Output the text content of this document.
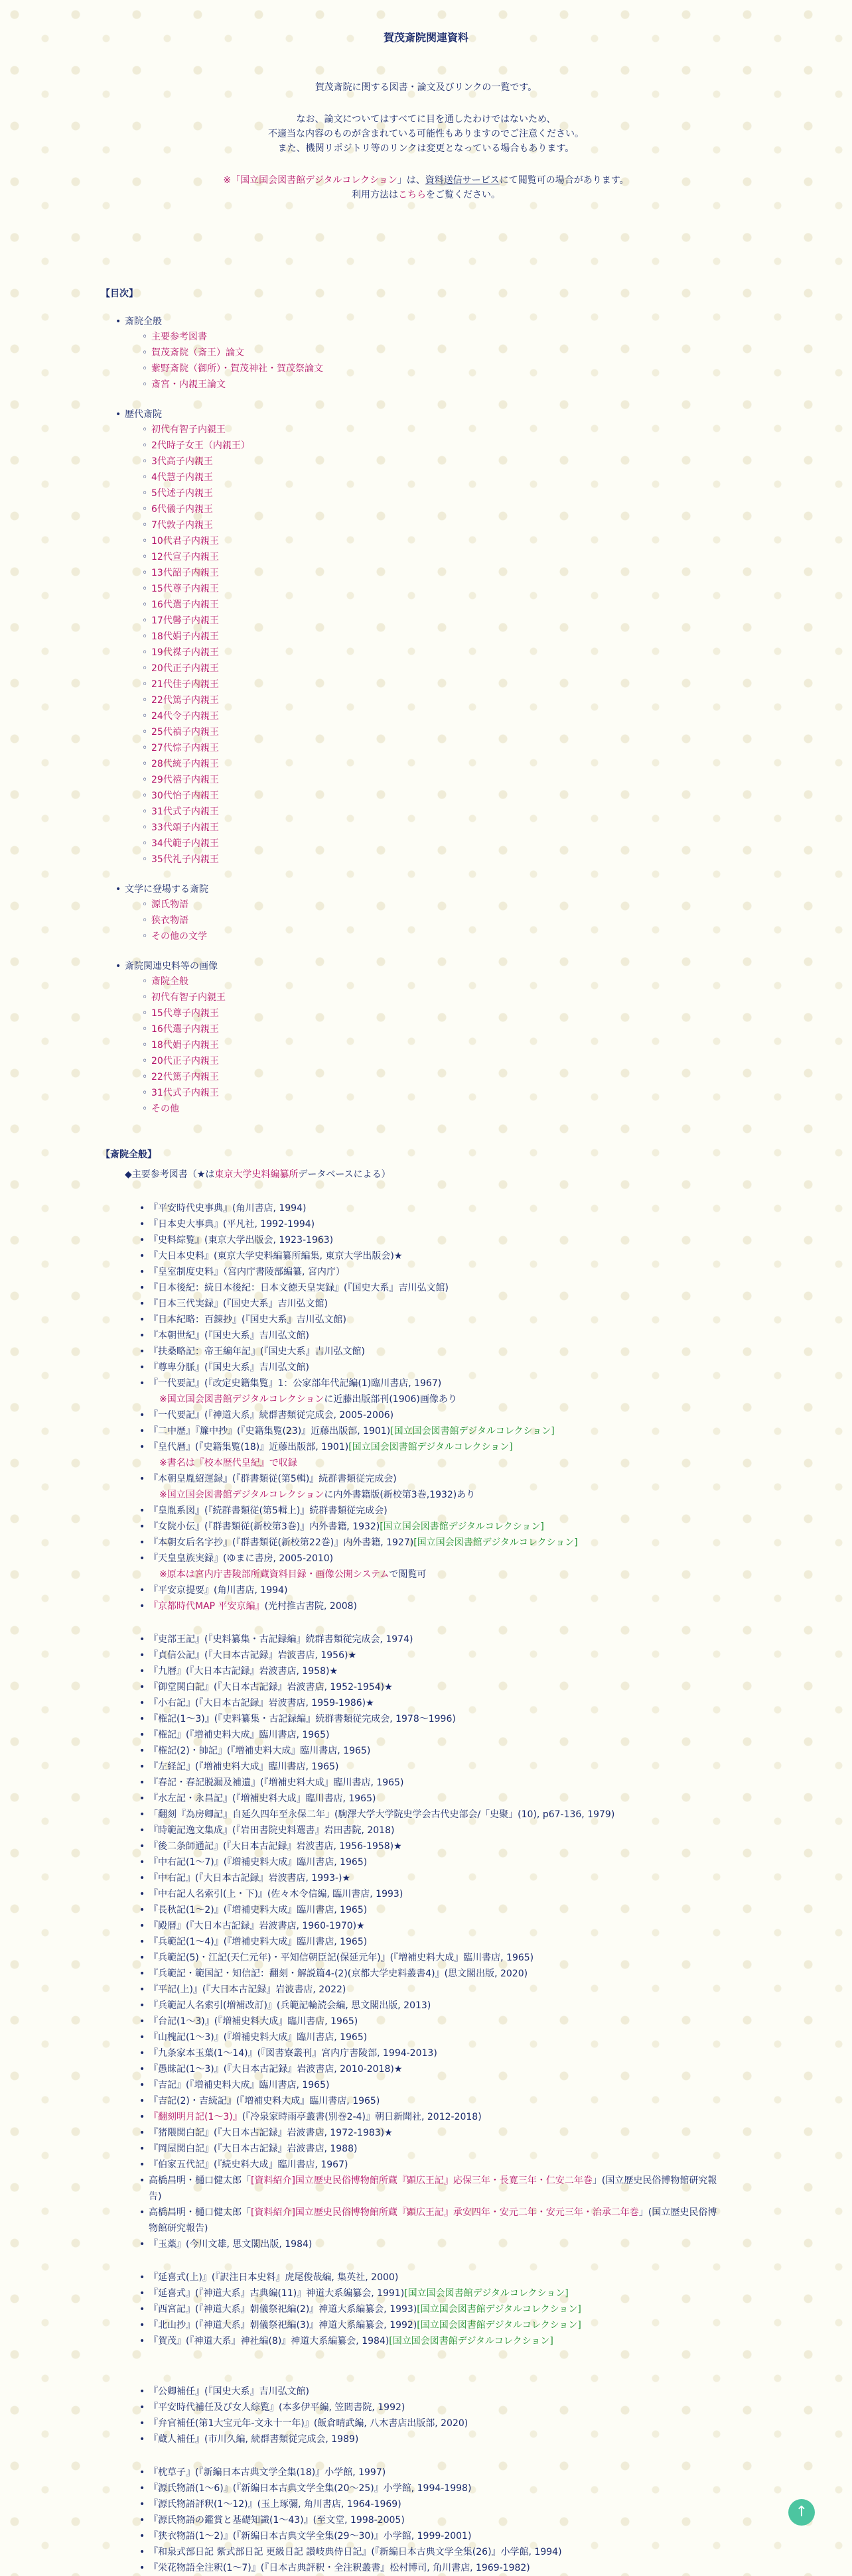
賀茂斎院関連資料

賀茂斎院に関する図書・論文及びリンクの一覧です。

なお、論文についてはすべてに目を通したわけではないため、

不適当な内容のものが含まれている可能性もありますのでご注意ください。

また、機関リポジトリ等のリンクは変更となっている場合もあります。

※「国立国会図書館デジタルコレクション」は、資料送信サービスにて閲覧可の場合があります。

利用方法はこちらをご覧ください。

【目次】
• 斎院全般
◦ 主要参考図書
◦ 賀茂斎院（斎王）論文
◦ 紫野斎院（御所）・賀茂神社・賀茂祭論文
◦ 斎宮・内親王論文
• 歴代斎院
◦ 初代有智子内親王
◦ 2代時子女王（内親王）
◦ 3代高子内親王
◦ 4代慧子内親王
◦ 5代述子内親王
◦ 6代儀子内親王
◦ 7代敦子内親王
◦ 10代君子内親王
◦ 12代宣子内親王
◦ 13代韶子内親王
◦ 15代尊子内親王
◦ 16代選子内親王
◦ 17代馨子内親王
◦ 18代娟子内親王
◦ 19代禖子内親王
◦ 20代正子内親王
◦ 21代佳子内親王
◦ 22代篤子内親王
◦ 24代令子内親王
◦ 25代禛子内親王
◦ 27代悰子内親王
◦ 28代統子内親王
◦ 29代禧子内親王
◦ 30代怡子内親王
◦ 31代式子内親王
◦ 33代頌子内親王
◦ 34代範子内親王
◦ 35代礼子内親王
• 文学に登場する斎院
◦ 源氏物語
◦ 狭衣物語
◦ その他の文学
• 斎院関連史料等の画像
◦ 斎院全般
◦ 初代有智子内親王
◦ 15代尊子内親王
◦ 16代選子内親王
◦ 18代娟子内親王
◦ 20代正子内親王
◦ 22代篤子内親王
◦ 31代式子内親王
◦ その他
【斎院全般】
◆主要参考図書（★は東京大学史料編纂所データベースによる）
• 『平安時代史事典』(角川書店, 1994)
• 『日本史大事典』(平凡社, 1992-1994)
• 『史料綜覧』(東京大学出版会, 1923-1963)
• 『大日本史料』(東京大学史料編纂所編集, 東京大学出版会)★
• 『皇室制度史料』（宮内庁書陵部編纂, 宮内庁）
• 『日本後紀：続日本後紀：日本文徳天皇実録』(『国史大系』吉川弘文館)
• 『日本三代実録』(『国史大系』吉川弘文館)
• 『日本紀略：百錬抄』(『国史大系』吉川弘文館)
• 『本朝世紀』(『国史大系』吉川弘文館)
• 『扶桑略記：帝王編年記』(『国史大系』吉川弘文館)
• 『尊卑分脈』(『国史大系』吉川弘文館)
• 『一代要記』(『改定史籍集覧』1：公家部年代記編(1)臨川書店, 1967)
※国立国会図書館デジタルコレクションに近藤出版部刊(1906)画像あり
• 『一代要記』(『神道大系』続群書類従完成会, 2005-2006)
• 『二中歴』『簾中抄』(『史籍集覧(23)』近藤出版部, 1901)[国立国会図書館デジタルコレクション]
• 『皇代暦』(『史籍集覧(18)』近藤出版部, 1901)[国立国会図書館デジタルコレクション]
※書名は『校本歴代皇紀』で収録
• 『本朝皇胤紹運録』(『群書類従(第5輯)』続群書類従完成会)
※国立国会図書館デジタルコレクションに内外書籍版(新校第3巻,1932)あり
• 『皇胤系図』(『続群書類従(第5輯上)』続群書類従完成会)
• 『女院小伝』(『群書類従(新校第3巻)』内外書籍, 1932)[国立国会図書館デジタルコレクション]
• 『本朝女后名字抄』(『群書類従(新校第22巻)』内外書籍, 1927)[国立国会図書館デジタルコレクション]
• 『天皇皇族実録』(ゆまに書房, 2005-2010)
※原本は宮内庁書陵部所蔵資料目録・画像公開システムで閲覧可
• 『平安京提要』(角川書店, 1994)
• 『京都時代MAP 平安京編』(光村推古書院, 2008)
• 『吏部王記』(『史料纂集・古記録編』続群書類従完成会, 1974)
• 『貞信公記』(『大日本古記録』岩波書店, 1956)★
• 『九暦』(『大日本古記録』岩波書店, 1958)★
• 『御堂関白記』(『大日本古記録』岩波書店, 1952-1954)★
• 『小右記』(『大日本古記録』岩波書店, 1959-1986)★
• 『権記(1〜3)』(『史料纂集・古記録編』続群書類従完成会, 1978〜1996)
• 『権記』(『増補史料大成』臨川書店, 1965)
• 『権記(2)・帥記』(『増補史料大成』臨川書店, 1965)
• 『左経記』(『増補史料大成』臨川書店, 1965)
• 『春記・春記脱漏及補遺』(『増補史料大成』臨川書店, 1965)
• 『水左記・永昌記』(『増補史料大成』臨川書店, 1965)
• 「翻刻『為房卿記』自延久四年至永保二年」(駒澤大学大学院史学会古代史部会/「史聚」(10), p67-136, 1979)
• 『時範記逸文集成』(『岩田書院史料選書』岩田書院, 2018)
• 『後二条師通記』(『大日本古記録』岩波書店, 1956-1958)★
• 『中右記(1〜7)』(『増補史料大成』臨川書店, 1965)
• 『中右記』(『大日本古記録』岩波書店, 1993-)★
• 『中右記人名索引(上・下)』(佐々木令信編, 臨川書店, 1993)
• 『長秋記(1〜2)』(『増補史料大成』臨川書店, 1965)
• 『殿暦』(『大日本古記録』岩波書店, 1960-1970)★
• 『兵範記(1〜4)』(『増補史料大成』臨川書店, 1965)
• 『兵範記(5)・江記(天仁元年)・平知信朝臣記(保延元年)』(『増補史料大成』臨川書店, 1965)
• 『兵範記・範国記・知信記：翻刻・解説篇4-(2)(京都大学史料叢書4)』(思文閣出版, 2020)
• 『平記(上)』(『大日本古記録』岩波書店, 2022)
• 『兵範記人名索引(増補改訂)』(兵範記輪読会編, 思文閣出版, 2013)
• 『台記(1〜3)』(『増補史料大成』臨川書店, 1965)
• 『山槐記(1〜3)』(『増補史料大成』臨川書店, 1965)
• 『九条家本玉葉(1〜14)』(『図書寮叢刊』宮内庁書陵部, 1994-2013)
• 『愚昧記(1〜3)』(『大日本古記録』岩波書店, 2010-2018)★
• 『吉記』(『増補史料大成』臨川書店, 1965)
• 『吉記(2)・吉続記』(『増補史料大成』臨川書店, 1965)
• 『翻刻明月記(1〜3)』(『冷泉家時雨亭叢書(別巻2-4)』朝日新聞社, 2012-2018)
• 『猪隈関白記』(『大日本古記録』岩波書店, 1972-1983)★
• 『岡屋関白記』(『大日本古記録』岩波書店, 1988)
• 『伯家五代記』(『続史料大成』臨川書店, 1967)
• 高橋昌明・樋口健太郎「[資料紹介]国立歴史民俗博物館所蔵『顕広王記』応保三年・長寛三年・仁安二年巻」(国立歴史民俗博物館研究報告)
• 高橋昌明・樋口健太郎「[資料紹介]国立歴史民俗博物館所蔵『顕広王記』承安四年・安元二年・安元三年・治承二年巻」(国立歴史民俗博物館研究報告)
• 『玉薬』(今川文雄, 思文閣出版, 1984)
• 『延喜式(上)』(『訳注日本史料』虎尾俊哉編, 集英社, 2000)
• 『延喜式』(『神道大系』古典編(11)』神道大系編纂会, 1991)[国立国会図書館デジタルコレクション]
• 『西宮記』(『神道大系』朝儀祭祀編(2)』神道大系編纂会, 1993)[国立国会図書館デジタルコレクション]
• 『北山抄』(『神道大系』朝儀祭祀編(3)』神道大系編纂会, 1992)[国立国会図書館デジタルコレクション]
• 『賀茂』(『神道大系』神社編(8)』神道大系編纂会, 1984)[国立国会図書館デジタルコレクション]
• 『公卿補任』(『国史大系』吉川弘文館)
• 『平安時代補任及び女人綜覧』(本多伊平編, 笠間書院, 1992)
• 『弁官補任(第1大宝元年-文永十一年)』(飯倉晴武編, 八木書店出版部, 2020)
• 『蔵人補任』(市川久編, 続群書類従完成会, 1989)
• 『枕草子』(『新編日本古典文学全集(18)』小学館, 1997)
• 『源氏物語(1〜6)』(『新編日本古典文学全集(20〜25)』小学館, 1994-1998)
• 『源氏物語評釈(1〜12)』(玉上琢彌, 角川書店, 1964-1969)
• 『源氏物語の鑑賞と基礎知識(1〜43)』(至文堂, 1998-2005)
• 『狭衣物語(1〜2)』(『新編日本古典文学全集(29〜30)』小学館, 1999-2001)
• 『和泉式部日記 紫式部日記 更級日記 讃岐典侍日記』(『新編日本古典文学全集(26)』小学館, 1994)
• 『栄花物語全注釈(1〜7)』(『日本古典評釈・全注釈叢書』松村博司, 角川書店, 1969-1982)
↑
